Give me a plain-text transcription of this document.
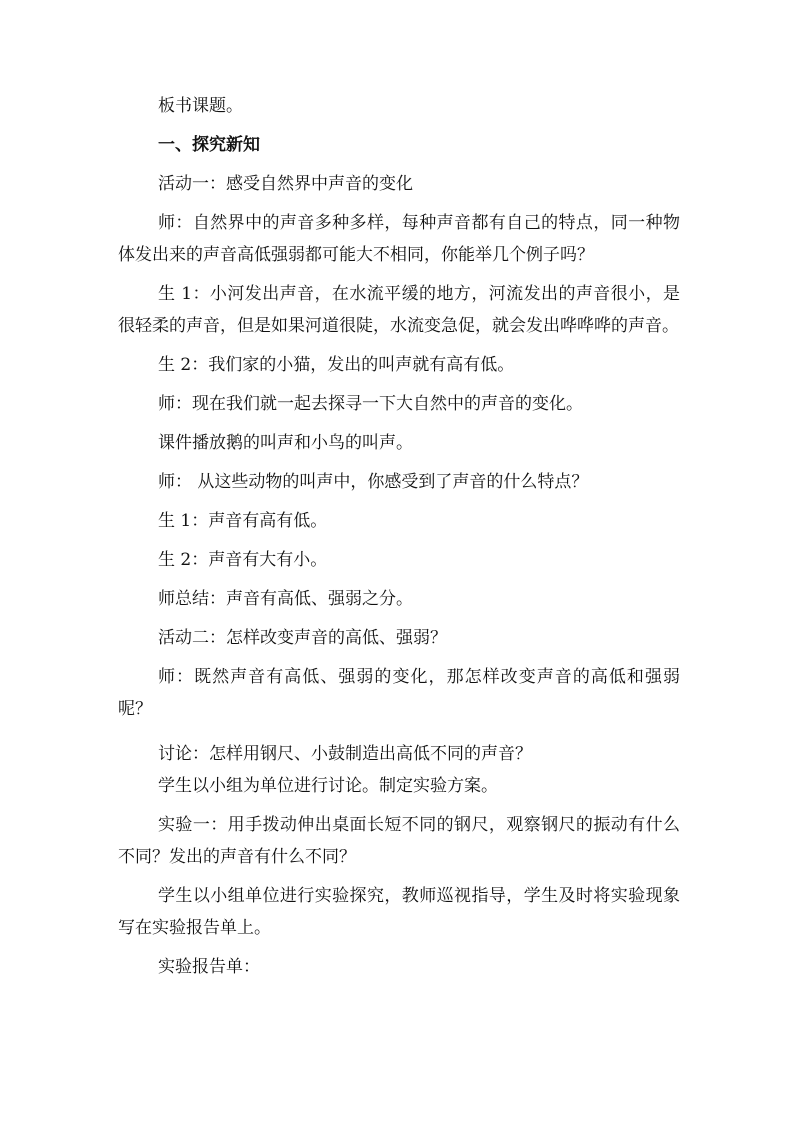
板书课题。

一、探究新知

活动一：感受自然界中声音的变化

师：自然界中的声音多种多样，每种声音都有自己的特点，同一种物体发出来的声音高低强弱都可能大不相同，你能举几个例子吗？

生 1：小河发出声音，在水流平缓的地方，河流发出的声音很小，是很轻柔的声音，但是如果河道很陡，水流变急促，就会发出哗哗哗的声音。

生 2：我们家的小猫，发出的叫声就有高有低。

师：现在我们就一起去探寻一下大自然中的声音的变化。

课件播放鹅的叫声和小鸟的叫声。

师： 从这些动物的叫声中，你感受到了声音的什么特点？

生 1：声音有高有低。

生 2：声音有大有小。

师总结：声音有高低、强弱之分。

活动二：怎样改变声音的高低、强弱？

师：既然声音有高低、强弱的变化，那怎样改变声音的高低和强弱呢？

讨论：怎样用钢尺、小鼓制造出高低不同的声音？

学生以小组为单位进行讨论。制定实验方案。

实验一：用手拨动伸出桌面长短不同的钢尺，观察钢尺的振动有什么不同？发出的声音有什么不同？

学生以小组单位进行实验探究，教师巡视指导，学生及时将实验现象写在实验报告单上。

实验报告单：
